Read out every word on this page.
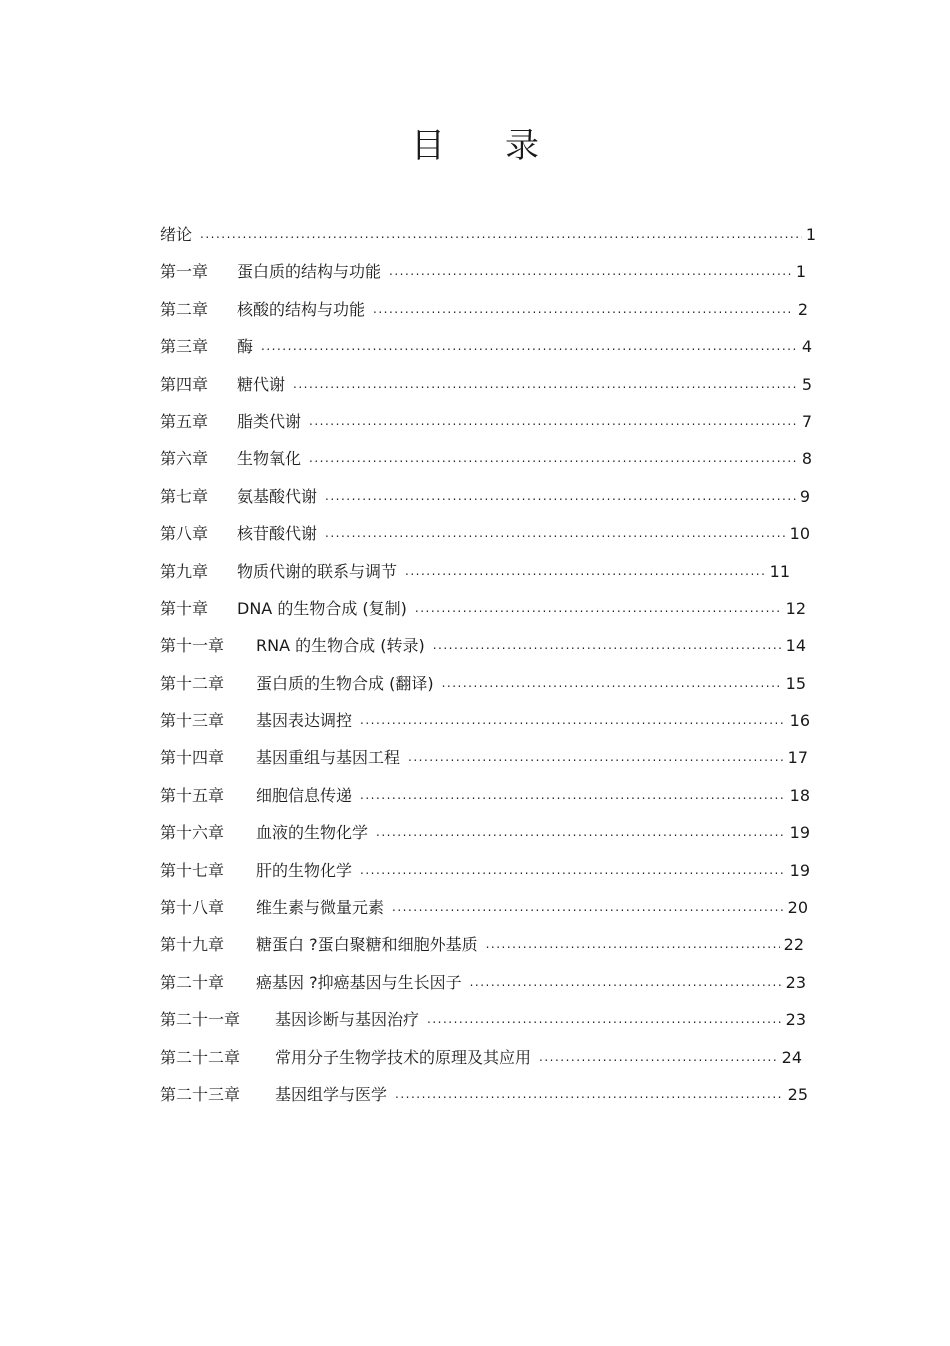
目 录
绪论 .....	1
第一章 蛋白质的结构与功能 .....	1
第二章 核酸的结构与功能 .....	2
第三章 酶 .....	4
第四章 糖代谢 .....	5
第五章 脂类代谢 .....	7
第六章 生物氧化 .....	8
第七章 氨基酸代谢 .....	9
第八章 核苷酸代谢 .....	10
第九章 物质代谢的联系与调节 .....	11
第十章 DNA 的生物合成 (复制) .....	12
第十一章 RNA 的生物合成 (转录) .....	14
第十二章 蛋白质的生物合成 (翻译) .....	15
第十三章 基因表达调控 .....	16
第十四章 基因重组与基因工程 .....	17
第十五章 细胞信息传递 .....	18
第十六章 血液的生物化学 .....	19
第十七章 肝的生物化学 .....	19
第十八章 维生素与微量元素 .....	20
第十九章 糖蛋白 ?蛋白聚糖和细胞外基质 .....	22
第二十章 癌基因 ?抑癌基因与生长因子 .....	23
第二十一章 基因诊断与基因治疗 .....	23
第二十二章 常用分子生物学技术的原理及其应用 .....	24
第二十三章 基因组学与医学 .....	25
